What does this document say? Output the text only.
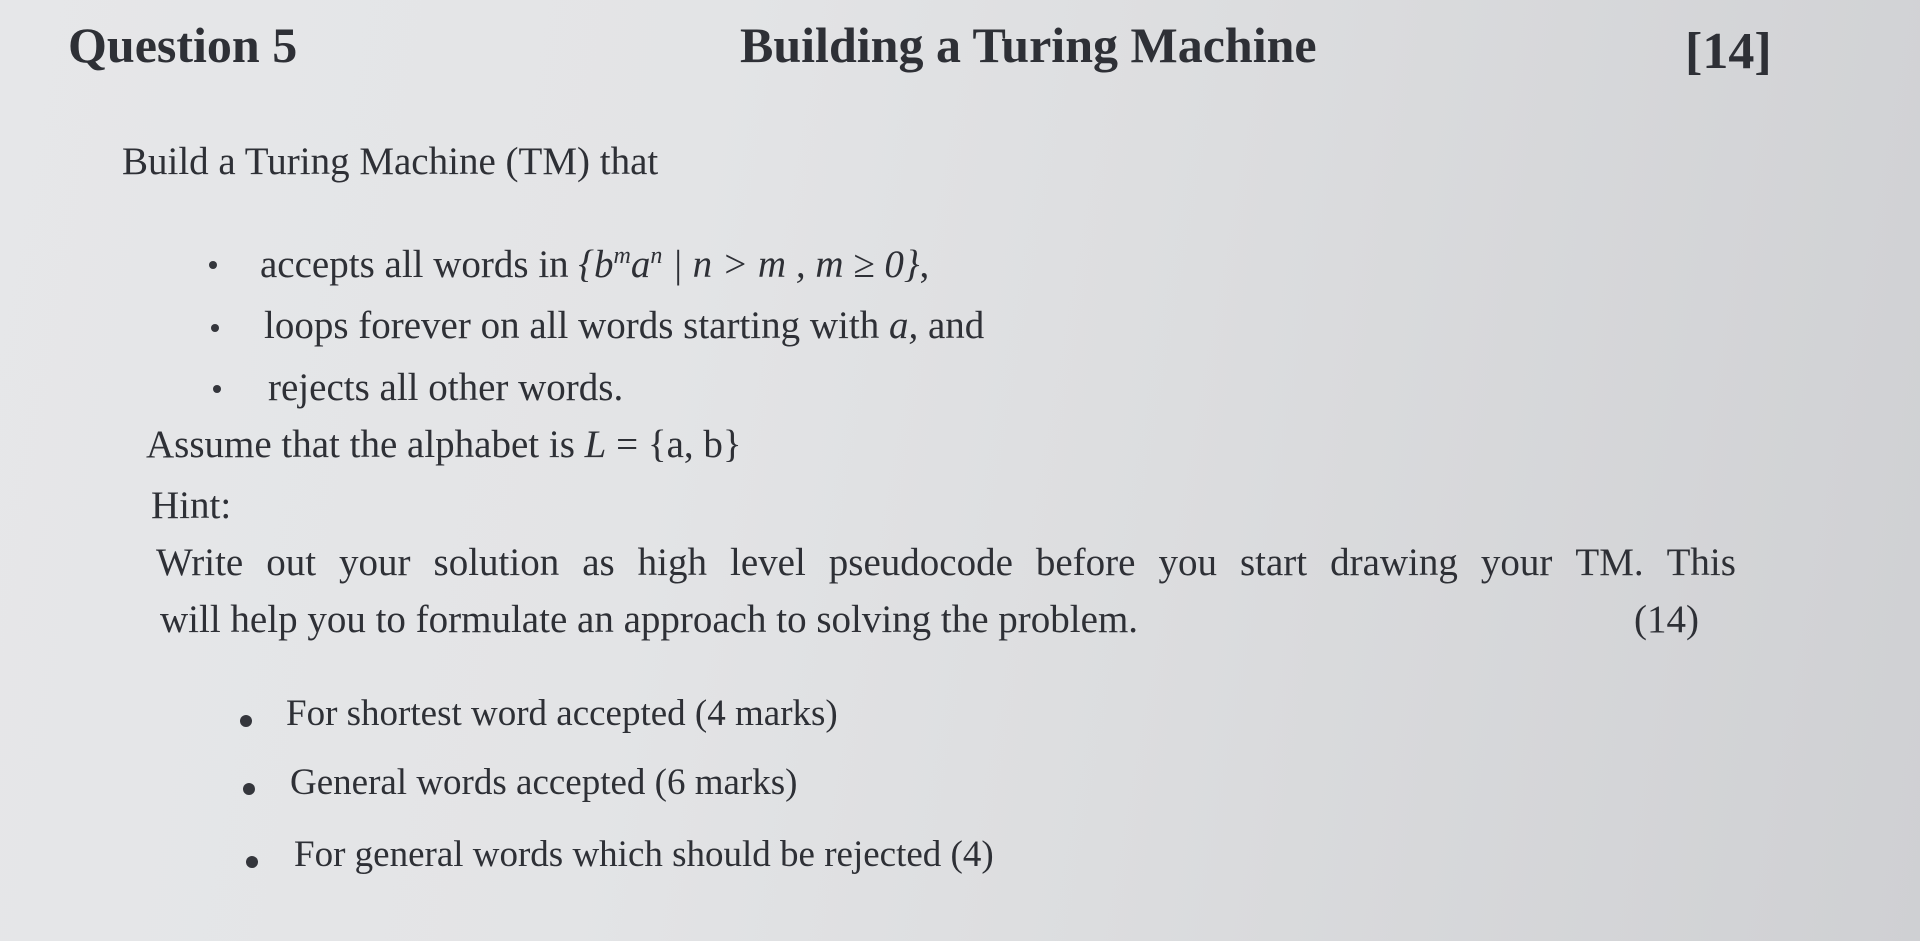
Question 5	Building a Turing Machine	[14]
Build a Turing Machine (TM) that
accepts all words in {$b^ma^n$ | n > m , m ≥ 0},
loops forever on all words starting with a, and
rejects all other words.
Assume that the alphabet is L = {a, b}
Hint:
Write out your solution as high level pseudocode before you start drawing your TM. This
will help you to formulate an approach to solving the problem.	(14)
For shortest word accepted (4 marks)
General words accepted (6 marks)
For general words which should be rejected (4)
